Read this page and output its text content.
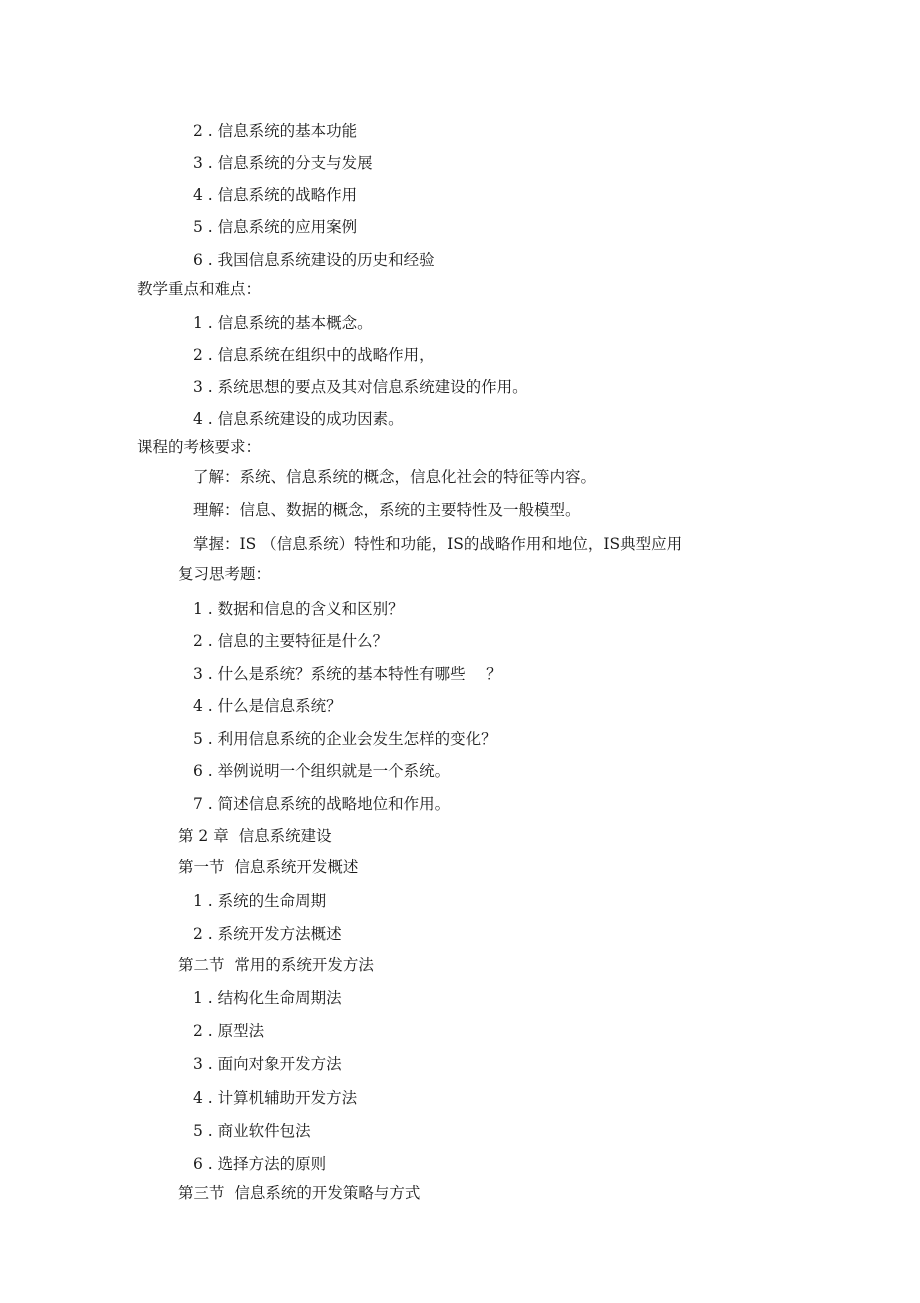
2 . 信息系统的基本功能

3 . 信息系统的分支与发展

4 . 信息系统的战略作用

5 . 信息系统的应用案例

6 . 我国信息系统建设的历史和经验

教学重点和难点：

1 . 信息系统的基本概念。

2 . 信息系统在组织中的战略作用，

3 . 系统思想的要点及其对信息系统建设的作用。

4 . 信息系统建设的成功因素。

课程的考核要求：

了解：系统、信息系统的概念，信息化社会的特征等内容。

理解：信息、数据的概念，系统的主要特性及一般模型。

掌握：IS （信息系统）特性和功能，IS的战略作用和地位，IS典型应用

复习思考题：

1 . 数据和信息的含义和区别？

2 . 信息的主要特征是什么？

3 . 什么是系统？系统的基本特性有哪些　 ？

4 . 什么是信息系统？

5 . 利用信息系统的企业会发生怎样的变化？

6 . 举例说明一个组织就是一个系统。

7 . 简述信息系统的战略地位和作用。

第 2 章  信息系统建设

第一节  信息系统开发概述

1 . 系统的生命周期

2 . 系统开发方法概述

第二节  常用的系统开发方法

1 . 结构化生命周期法

2 . 原型法

3 . 面向对象开发方法

4 . 计算机辅助开发方法

5 . 商业软件包法

6 . 选择方法的原则

第三节  信息系统的开发策略与方式
